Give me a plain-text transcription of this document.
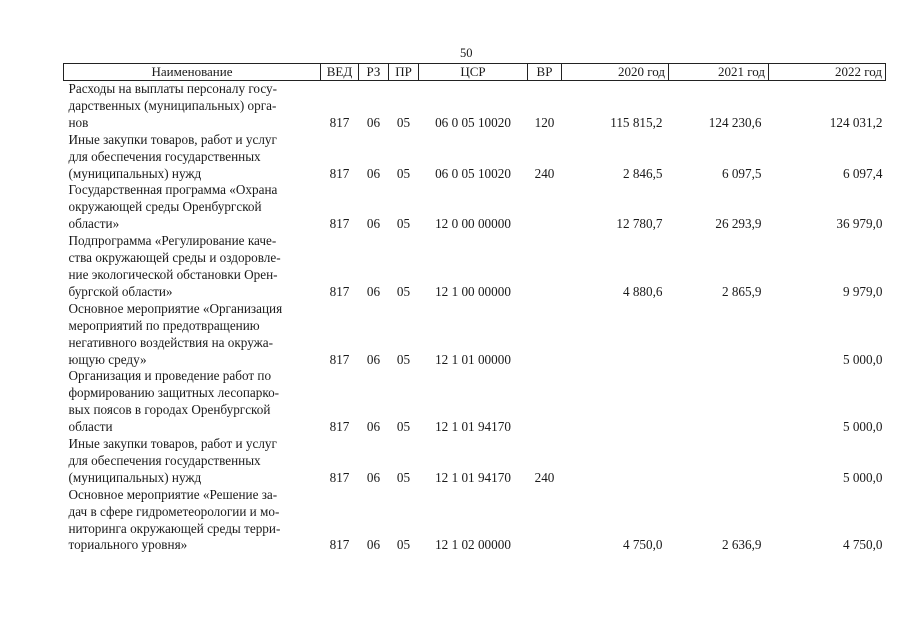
50
Наименование	ВЕД	РЗ	ПР	ЦСР	ВР	2020 год	2021 год	2022 год

Расходы на выплаты персоналу госу-
дарственных (муниципальных) орга-
нов	817	06	05	06 0 05 10020	120	115 815,2	124 230,6	124 031,2

Иные закупки товаров, работ и услуг
для обеспечения государственных
(муниципальных) нужд	817	06	05	06 0 05 10020	240	2 846,5	6 097,5	6 097,4

Государственная программа «Охрана
окружающей среды Оренбургской
области»	817	06	05	12 0 00 00000		12 780,7	26 293,9	36 979,0

Подпрограмма «Регулирование каче-
ства окружающей среды и оздоровле-
ние экологической обстановки Орен-
бургской области»	817	06	05	12 1 00 00000		4 880,6	2 865,9	9 979,0

Основное мероприятие «Организация
мероприятий по предотвращению
негативного воздействия на окружа-
ющую среду»	817	06	05	12 1 01 00000				5 000,0

Организация и проведение работ по
формированию защитных лесопарко-
вых поясов в городах Оренбургской
области	817	06	05	12 1 01 94170				5 000,0

Иные закупки товаров, работ и услуг
для обеспечения государственных
(муниципальных) нужд	817	06	05	12 1 01 94170	240			5 000,0

Основное мероприятие «Решение за-
дач в сфере гидрометеорологии и мо-
ниторинга окружающей среды терри-
ториального уровня»	817	06	05	12 1 02 00000		4 750,0	2 636,9	4 750,0
